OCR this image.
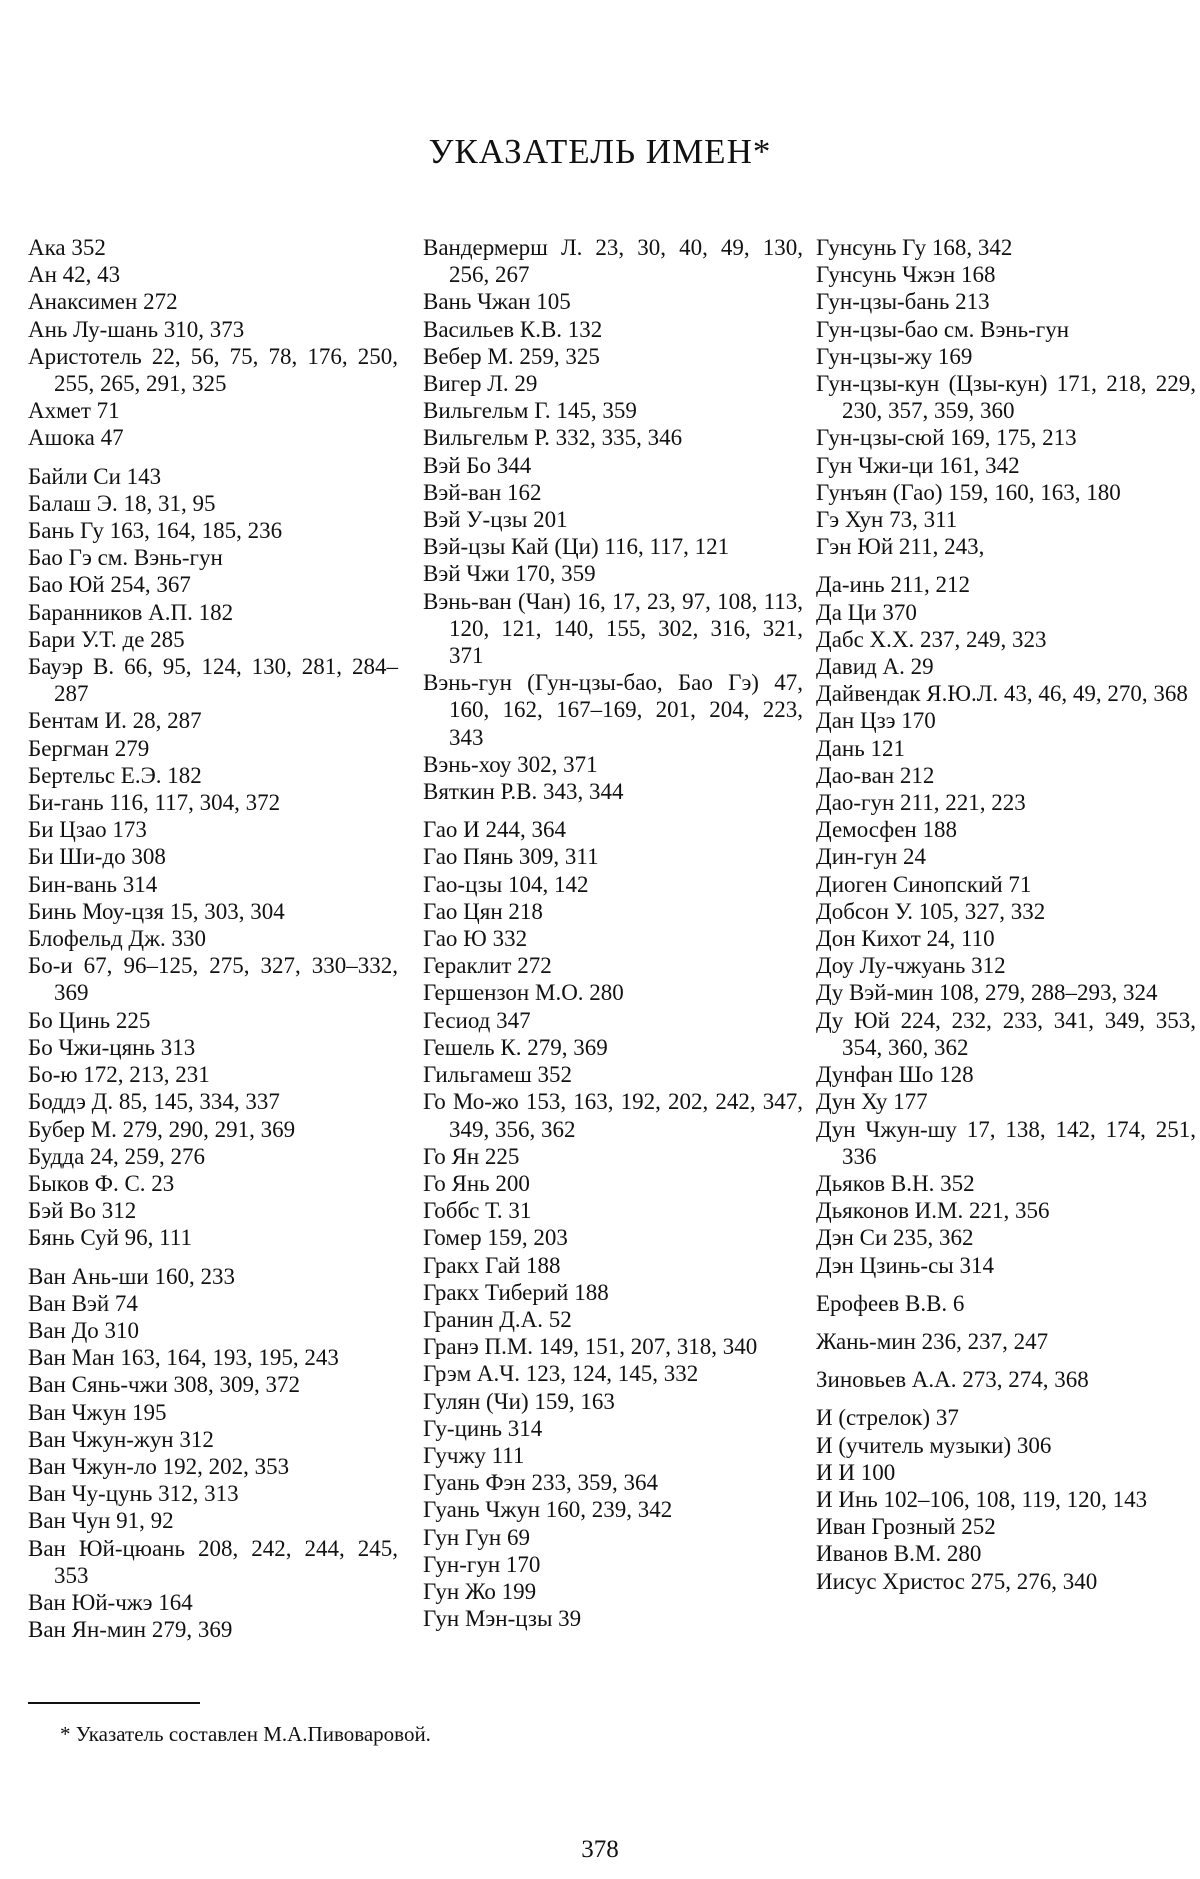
УКАЗАТЕЛЬ ИМЕН*
Ака 352
Ан 42, 43
Анаксимен 272
Ань Лу-шань 310, 373
Аристотель 22, 56, 75, 78, 176, 250, 255, 265, 291, 325
Ахмет 71
Ашока 47
Байли Си 143
Балаш Э. 18, 31, 95
Бань Гу 163, 164, 185, 236
Бао Гэ см. Вэнь-гун
Бао Юй 254, 367
Баранников А.П. 182
Бари У.Т. де 285
Бауэр В. 66, 95, 124, 130, 281, 284–287
Бентам И. 28, 287
Бергман 279
Бертельс Е.Э. 182
Би-гань 116, 117, 304, 372
Би Цзао 173
Би Ши-до 308
Бин-вань 314
Бинь Моу-цзя 15, 303, 304
Блофельд Дж. 330
Бо-и 67, 96–125, 275, 327, 330–332, 369
Бо Цинь 225
Бо Чжи-цянь 313
Бо-ю 172, 213, 231
Боддэ Д. 85, 145, 334, 337
Бубер М. 279, 290, 291, 369
Будда 24, 259, 276
Быков Ф. С. 23
Бэй Во 312
Бянь Суй 96, 111
Ван Ань-ши 160, 233
Ван Вэй 74
Ван До 310
Ван Ман 163, 164, 193, 195, 243
Ван Сянь-чжи 308, 309, 372
Ван Чжун 195
Ван Чжун-жун 312
Ван Чжун-ло 192, 202, 353
Ван Чу-цунь 312, 313
Ван Чун 91, 92
Ван Юй-цюань 208, 242, 244, 245, 353
Ван Юй-чжэ 164
Ван Ян-мин 279, 369
Вандермерш Л. 23, 30, 40, 49, 130, 256, 267
Вань Чжан 105
Васильев К.В. 132
Вебер М. 259, 325
Вигер Л. 29
Вильгельм Г. 145, 359
Вильгельм Р. 332, 335, 346
Вэй Бо 344
Вэй-ван 162
Вэй У-цзы 201
Вэй-цзы Кай (Ци) 116, 117, 121
Вэй Чжи 170, 359
Вэнь-ван (Чан) 16, 17, 23, 97, 108, 113, 120, 121, 140, 155, 302, 316, 321, 371
Вэнь-гун (Гун-цзы-бао, Бао Гэ) 47, 160, 162, 167–169, 201, 204, 223, 343
Вэнь-хоу 302, 371
Вяткин Р.В. 343, 344
Гао И 244, 364
Гао Пянь 309, 311
Гао-цзы 104, 142
Гао Цян 218
Гао Ю 332
Гераклит 272
Гершензон М.О. 280
Гесиод 347
Гешель К. 279, 369
Гильгамеш 352
Го Мо-жо 153, 163, 192, 202, 242, 347, 349, 356, 362
Го Ян 225
Го Янь 200
Гоббс Т. 31
Гомер 159, 203
Гракх Гай 188
Гракх Тиберий 188
Гранин Д.А. 52
Гранэ П.М. 149, 151, 207, 318, 340
Грэм А.Ч. 123, 124, 145, 332
Гулян (Чи) 159, 163
Гу-цинь 314
Гучжу 111
Гуань Фэн 233, 359, 364
Гуань Чжун 160, 239, 342
Гун Гун 69
Гун-гун 170
Гун Жо 199
Гун Мэн-цзы 39
Гунсунь Гу 168, 342
Гунсунь Чжэн 168
Гун-цзы-бань 213
Гун-цзы-бао см. Вэнь-гун
Гун-цзы-жу 169
Гун-цзы-кун (Цзы-кун) 171, 218, 229, 230, 357, 359, 360
Гун-цзы-сюй 169, 175, 213
Гун Чжи-ци 161, 342
Гунъян (Гао) 159, 160, 163, 180
Гэ Хун 73, 311
Гэн Юй 211, 243,
Да-инь 211, 212
Да Ци 370
Дабс Х.Х. 237, 249, 323
Давид А. 29
Дайвендак Я.Ю.Л. 43, 46, 49, 270, 368
Дан Цзэ 170
Дань 121
Дао-ван 212
Дао-гун 211, 221, 223
Демосфен 188
Дин-гун 24
Диоген Синопский 71
Добсон У. 105, 327, 332
Дон Кихот 24, 110
Доу Лу-чжуань 312
Ду Вэй-мин 108, 279, 288–293, 324
Ду Юй 224, 232, 233, 341, 349, 353, 354, 360, 362
Дунфан Шо 128
Дун Ху 177
Дун Чжун-шу 17, 138, 142, 174, 251, 336
Дьяков В.Н. 352
Дьяконов И.М. 221, 356
Дэн Си 235, 362
Дэн Цзинь-сы 314
Ерофеев В.В. 6
Жань-мин 236, 237, 247
Зиновьев А.А. 273, 274, 368
И (стрелок) 37
И (учитель музыки) 306
И И 100
И Инь 102–106, 108, 119, 120, 143
Иван Грозный 252
Иванов В.М. 280
Иисус Христос 275, 276, 340
* Указатель составлен М.А.Пивоваровой.
378
